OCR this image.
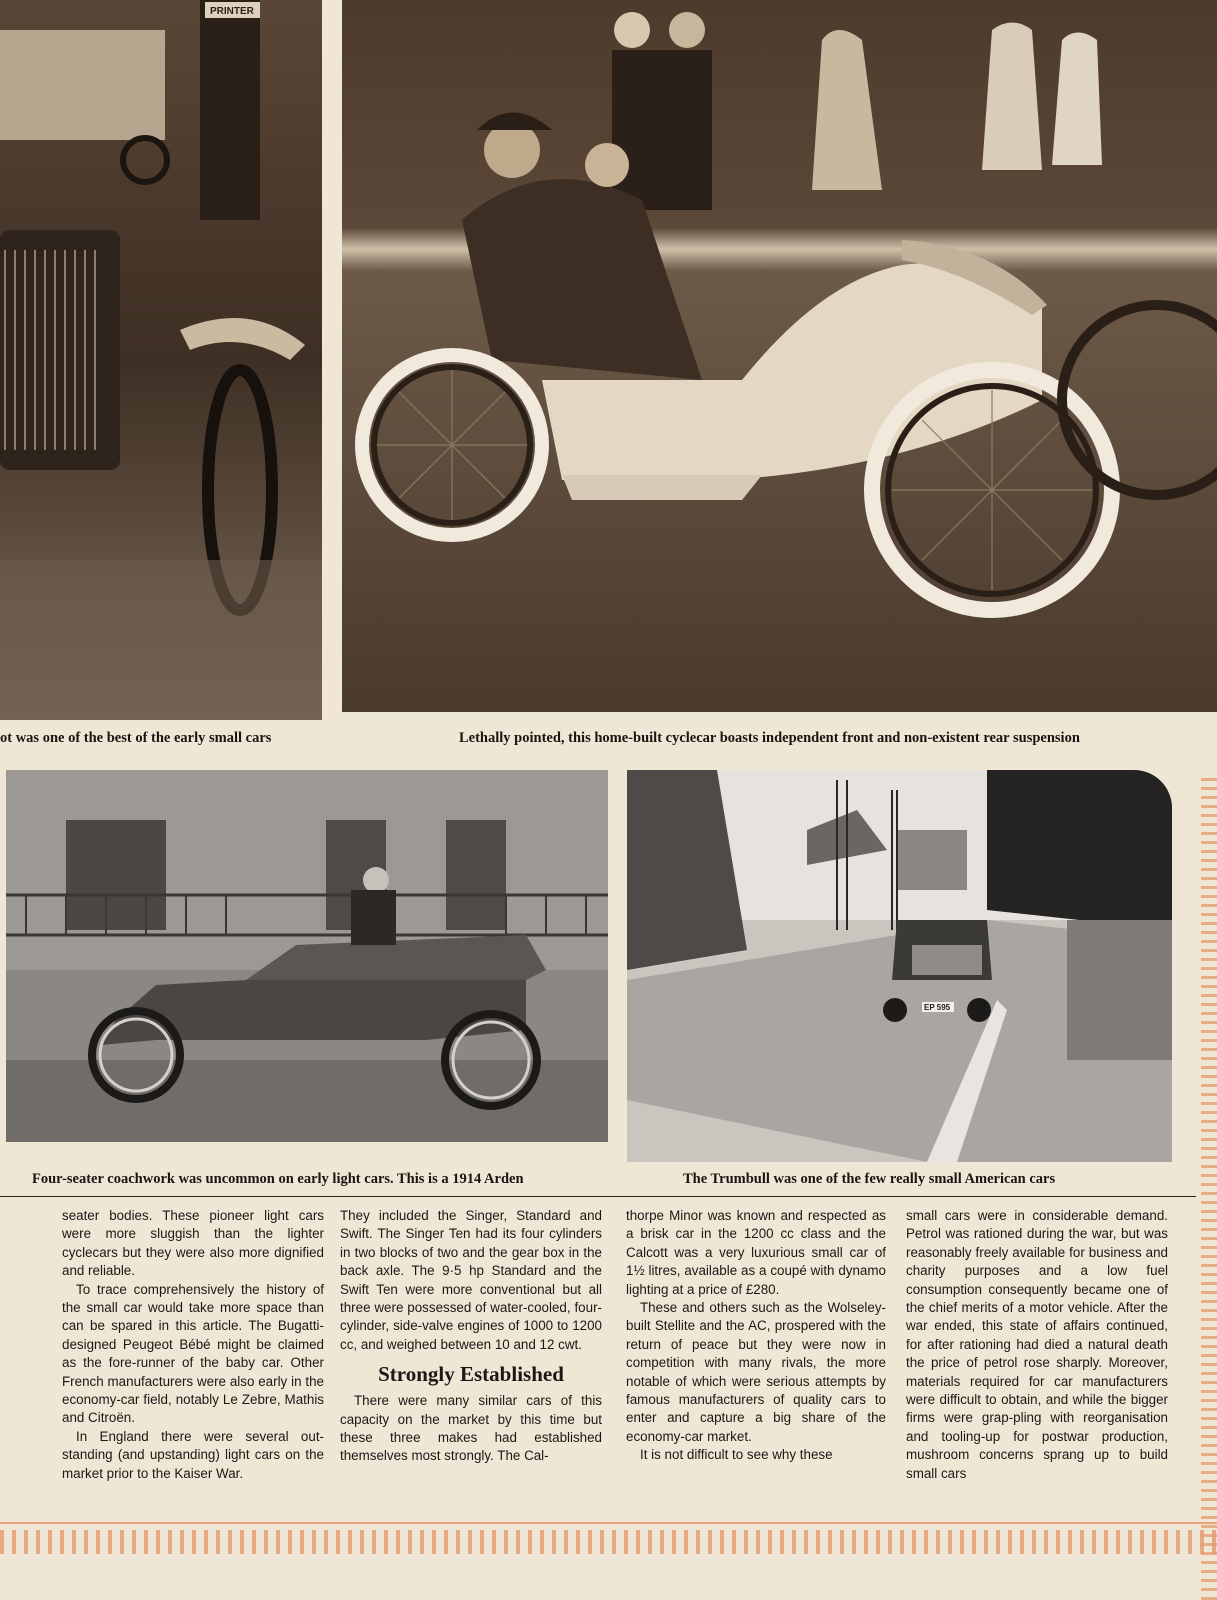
PRINTER
ot was one of the best of the early small cars	Lethally pointed, this home-built cyclecar boasts independent front and non-existent rear suspension
EP 595
Four-seater coachwork was uncommon on early light cars. This is a 1914 Arden	The Trumbull was one of the few really small American cars

seater bodies. These pioneer light cars were more sluggish than the lighter cyclecars but they were also more dignified and reliable.

To trace comprehensively the history of the small car would take more space than can be spared in this article. The Bugatti-designed Peugeot Bébé might be claimed as the fore-runner of the baby car. Other French manufacturers were also early in the economy-car field, notably Le Zebre, Mathis and Citroën.

In England there were several out-standing (and upstanding) light cars on the market prior to the Kaiser War.

They included the Singer, Standard and Swift. The Singer Ten had its four cylinders in two blocks of two and the gear box in the back axle. The 9·5 hp Standard and the Swift Ten were more conventional but all three were possessed of water-cooled, four-cylinder, side-valve engines of 1000 to 1200 cc, and weighed between 10 and 12 cwt.

Strongly Established

There were many similar cars of this capacity on the market by this time but these three makes had established themselves most strongly. The Cal-

thorpe Minor was known and respected as a brisk car in the 1200 cc class and the Calcott was a very luxurious small car of 1½ litres, available as a coupé with dynamo lighting at a price of £280.

These and others such as the Wolseley-built Stellite and the AC, prospered with the return of peace but they were now in competition with many rivals, the more notable of which were serious attempts by famous manufacturers of quality cars to enter and capture a big share of the economy-car market.

It is not difficult to see why these

small cars were in considerable demand. Petrol was rationed during the war, but was reasonably freely available for business and charity purposes and a low fuel consumption consequently became one of the chief merits of a motor vehicle. After the war ended, this state of affairs continued, for after rationing had died a natural death the price of petrol rose sharply. Moreover, materials required for car manufacturers were difficult to obtain, and while the bigger firms were grap-pling with reorganisation and tooling-up for postwar production, mushroom concerns sprang up to build small cars
